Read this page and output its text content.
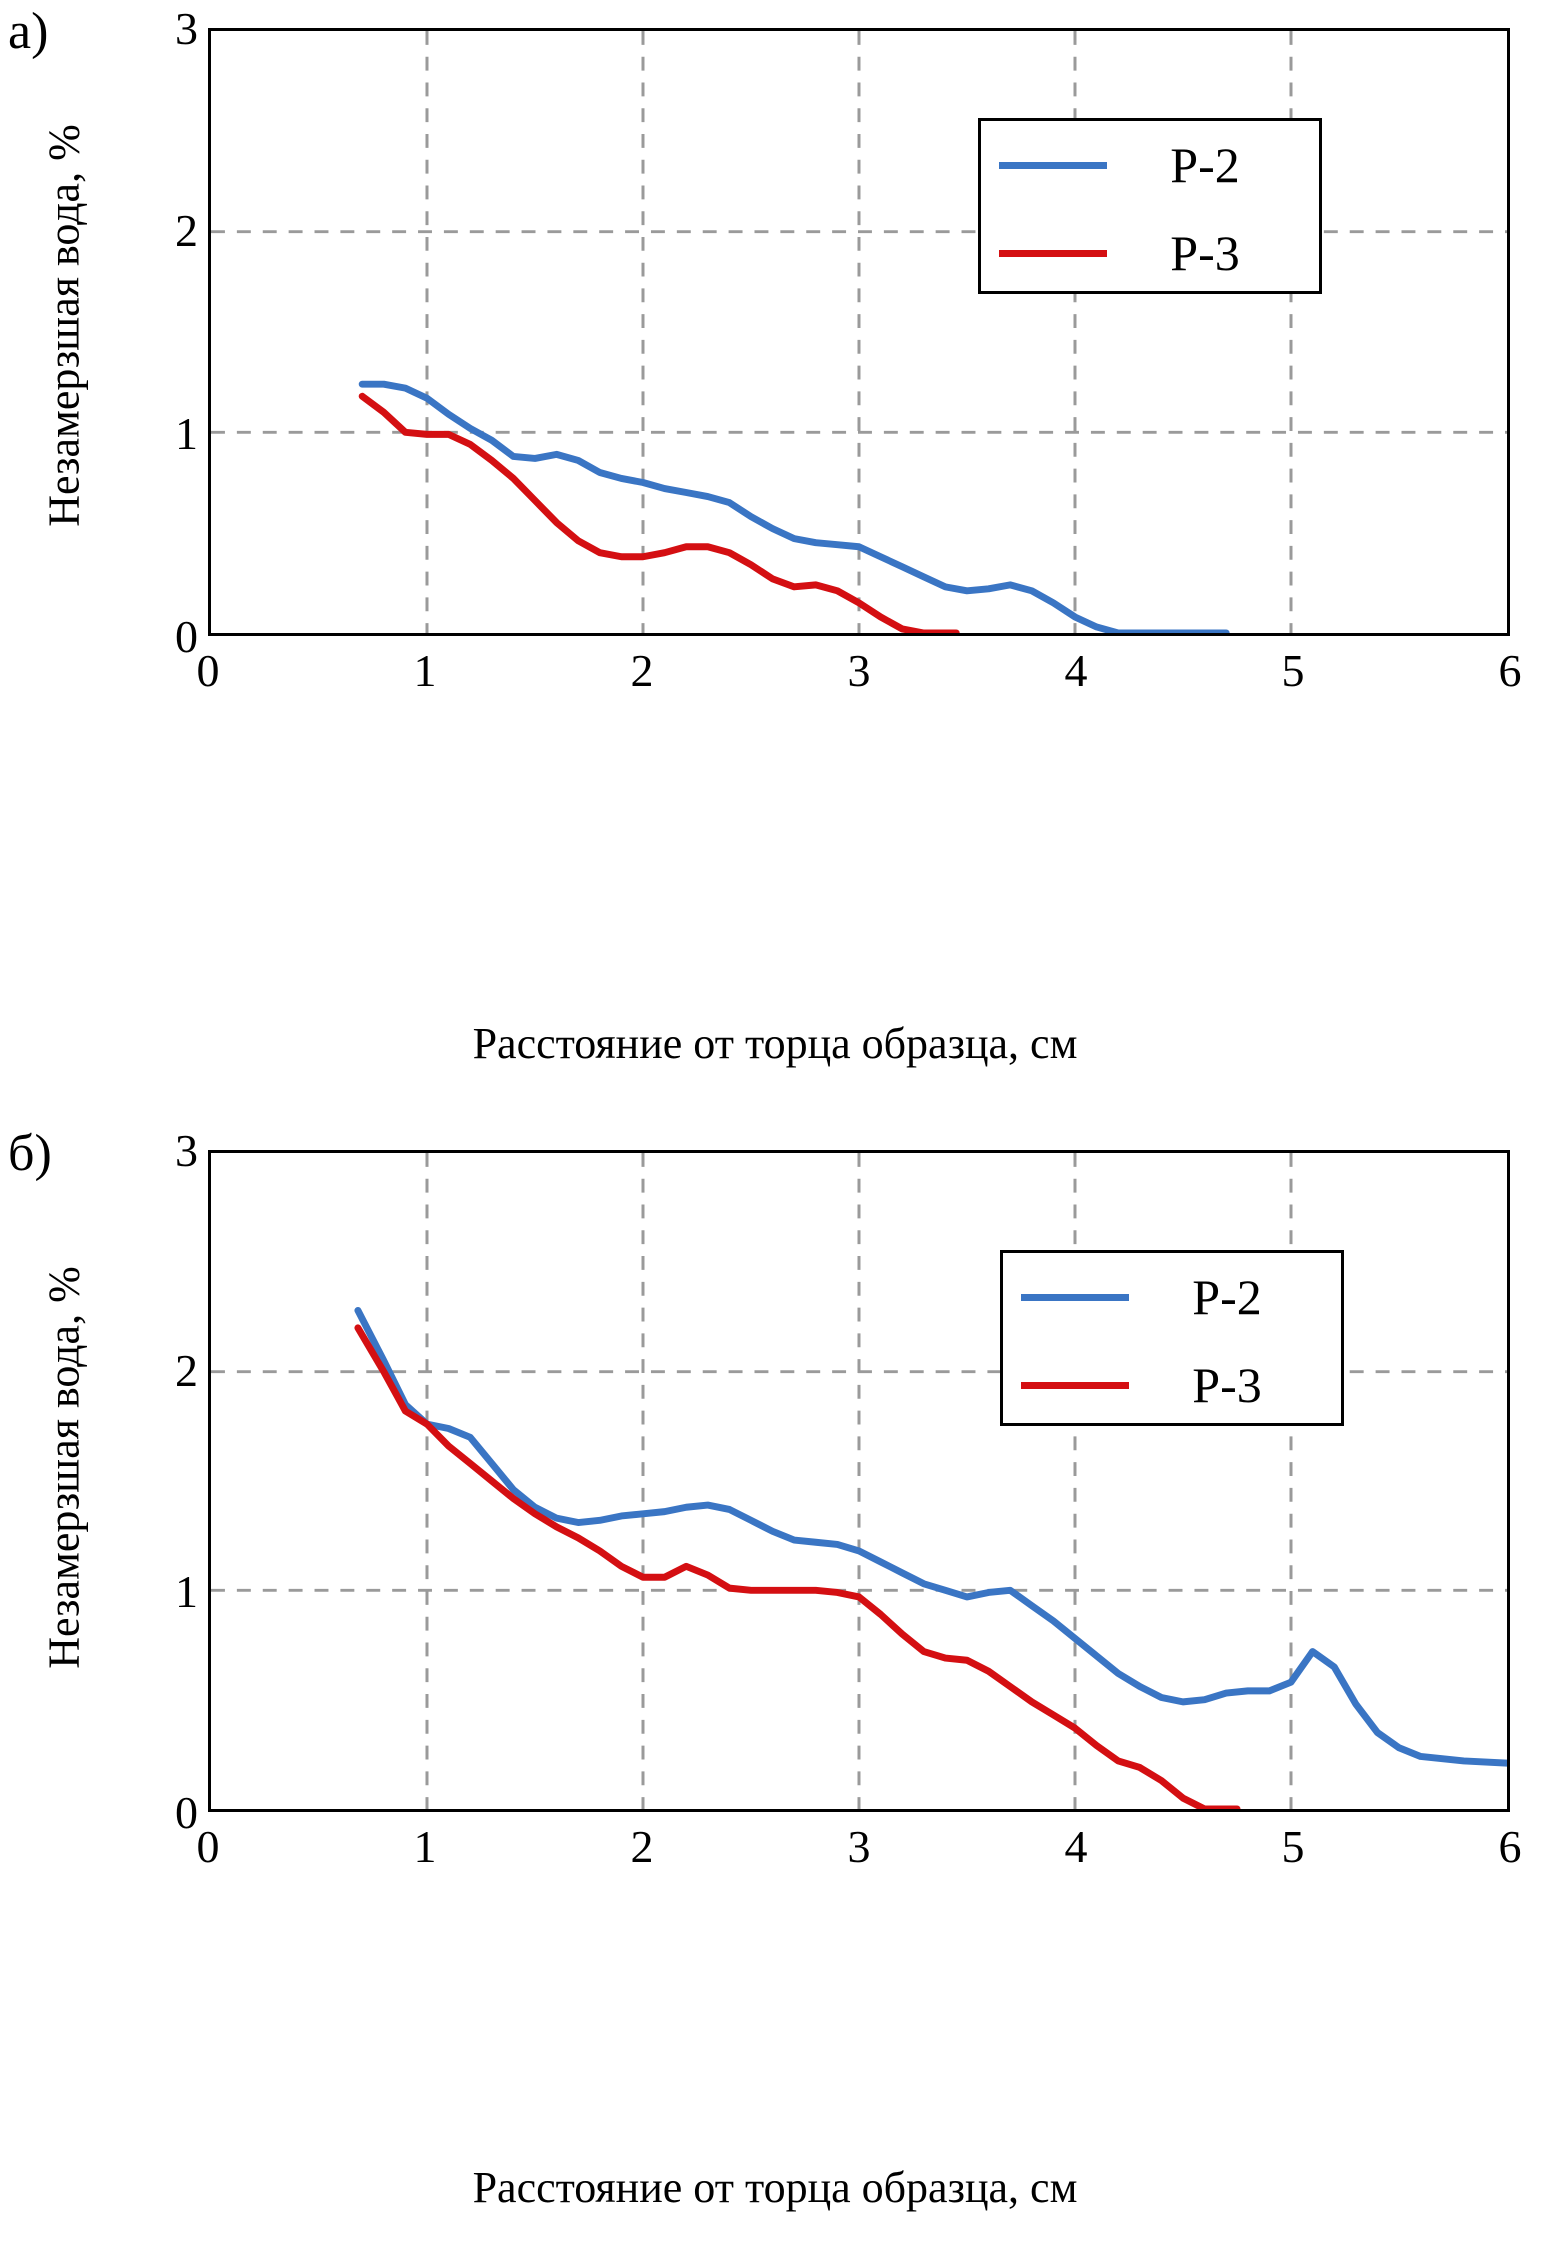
а)
Незамерзшая вода, %
3
2
1
0
Р-2
Р-3
0	1	2	3	4	5	6
Расстояние от торца образца, см
б)
Незамерзшая вода, %
3
2
1
0
Р-2
Р-3
0	1	2	3	4	5	6
Расстояние от торца образца, см
